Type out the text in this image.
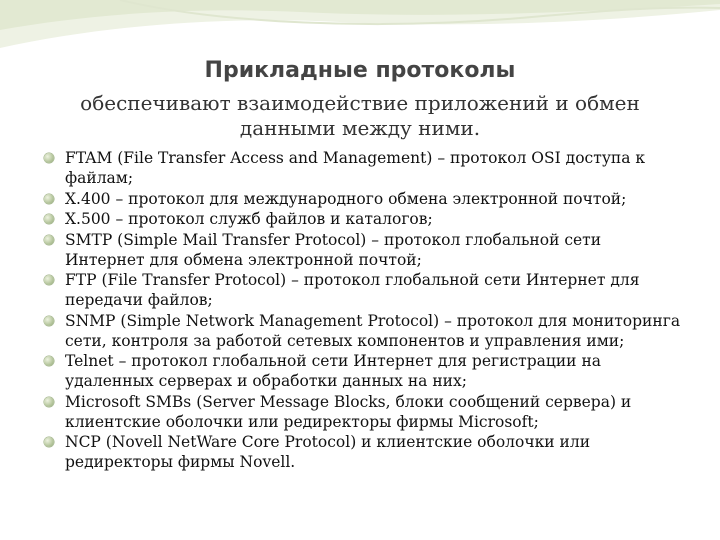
Прикладные протоколы

обеспечивают взаимодействие приложений и обмен данными между ними.

FTAM (File Transfer Access and Management) – протокол OSI доступа к файлам;
X.400 – протокол для международного обмена электронной почтой;
X.500 – протокол служб файлов и каталогов;
SMTP (Simple Mail Transfer Protocol) – протокол глобальной сети Интернет для обмена электронной почтой;
FTP (File Transfer Protocol) – протокол глобальной сети Интернет для передачи файлов;
SNMP (Simple Network Management Protocol) – протокол для мониторинга сети, контроля за работой сетевых компонентов и управления ими;
Telnet – протокол глобальной сети Интернет для регистрации на удаленных серверах и обработки данных на них;
Microsoft SMBs (Server Message Blocks, блоки сообщений сервера) и клиентские оболочки или редиректоры фирмы Microsoft;
NCP (Novell NetWare Core Protocol) и клиентские оболочки или редиректоры фирмы Novell.
